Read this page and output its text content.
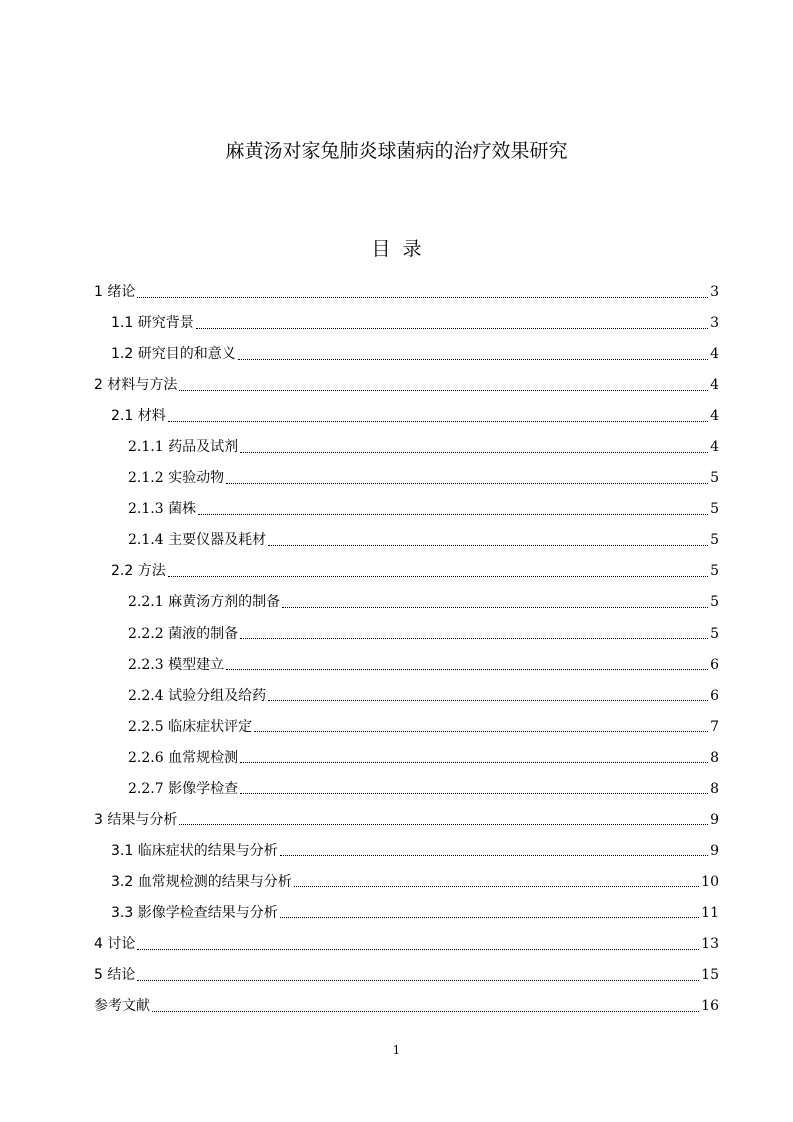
麻黄汤对家兔肺炎球菌病的治疗效果研究
目录
1 绪论	3
1.1 研究背景	3
1.2 研究目的和意义	4
2 材料与方法	4
2.1 材料	4
2.1.1 药品及试剂	4
2.1.2 实验动物	5
2.1.3 菌株	5
2.1.4 主要仪器及耗材	5
2.2 方法	5
2.2.1 麻黄汤方剂的制备	5
2.2.2 菌液的制备	5
2.2.3 模型建立	6
2.2.4 试验分组及给药	6
2.2.5 临床症状评定	7
2.2.6 血常规检测	8
2.2.7 影像学检查	8
3 结果与分析	9
3.1 临床症状的结果与分析	9
3.2 血常规检测的结果与分析	10
3.3 影像学检查结果与分析	11
4 讨论	13
5 结论	15
参考文献	16
1
